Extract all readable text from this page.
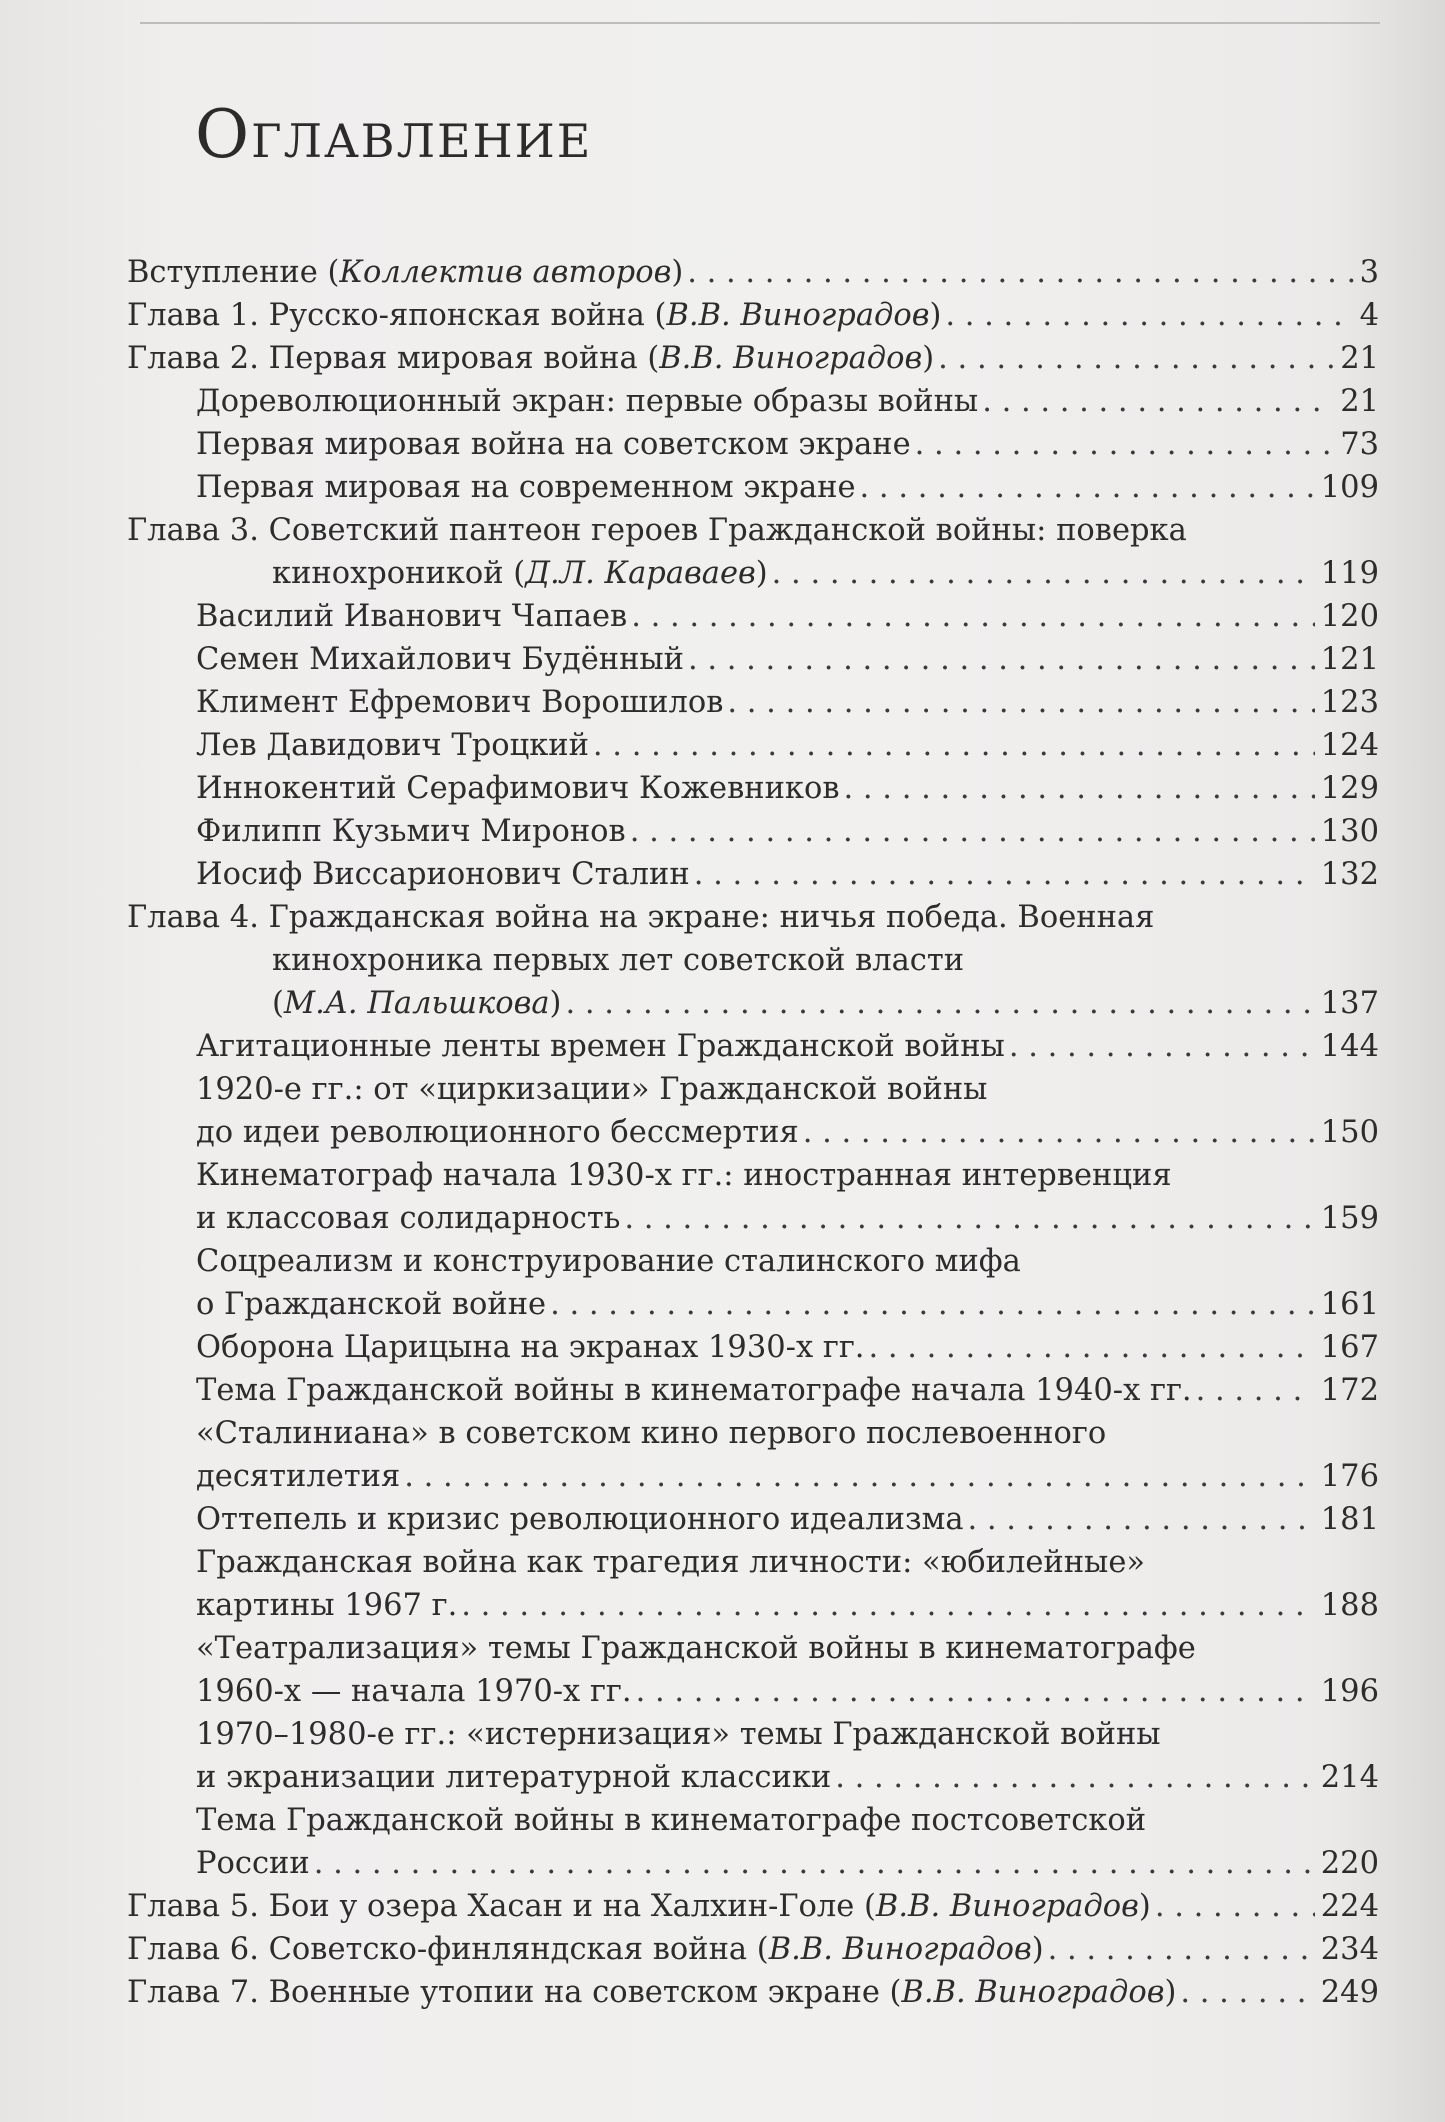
Оглавление
Вступление (Коллектив авторов) . . .	3
Глава 1. Русско-японская война (В.В. Виноградов) . . .	4
Глава 2. Первая мировая война (В.В. Виноградов) . . .	21
Дореволюционный экран: первые образы войны . . .	21
Первая мировая война на советском экране . . .	73
Первая мировая на современном экране . . .	109
Глава 3. Советский пантеон героев Гражданской войны: поверка
кинохроникой (Д.Л. Караваев) . . .	119
Василий Иванович Чапаев . . .	120
Семен Михайлович Будённый . . .	121
Климент Ефремович Ворошилов . . .	123
Лев Давидович Троцкий . . .	124
Иннокентий Серафимович Кожевников . . .	129
Филипп Кузьмич Миронов . . .	130
Иосиф Виссарионович Сталин . . .	132
Глава 4. Гражданская война на экране: ничья победа. Военная
кинохроника первых лет советской власти
(М.А. Пальшкова) . . .	137
Агитационные ленты времен Гражданской войны . . .	144
1920-е гг.: от «циркизации» Гражданской войны
до идеи революционного бессмертия . . .	150
Кинематограф начала 1930-х гг.: иностранная интервенция
и классовая солидарность . . .	159
Соцреализм и конструирование сталинского мифа
о Гражданской войне . . .	161
Оборона Царицына на экранах 1930-х гг. . . .	167
Тема Гражданской войны в кинематографе начала 1940-х гг. . . .	172
«Сталиниана» в советском кино первого послевоенного
десятилетия . . .	176
Оттепель и кризис революционного идеализма . . .	181
Гражданская война как трагедия личности: «юбилейные»
картины 1967 г. . . .	188
«Театрализация» темы Гражданской войны в кинематографе
1960-х — начала 1970-х гг. . . .	196
1970–1980-е гг.: «истернизация» темы Гражданской войны
и экранизации литературной классики . . .	214
Тема Гражданской войны в кинематографе постсоветской
России . . .	220
Глава 5. Бои у озера Хасан и на Халхин-Голе (В.В. Виноградов) . . .	224
Глава 6. Советско-финляндская война (В.В. Виноградов) . . .	234
Глава 7. Военные утопии на советском экране (В.В. Виноградов) . . .	249
